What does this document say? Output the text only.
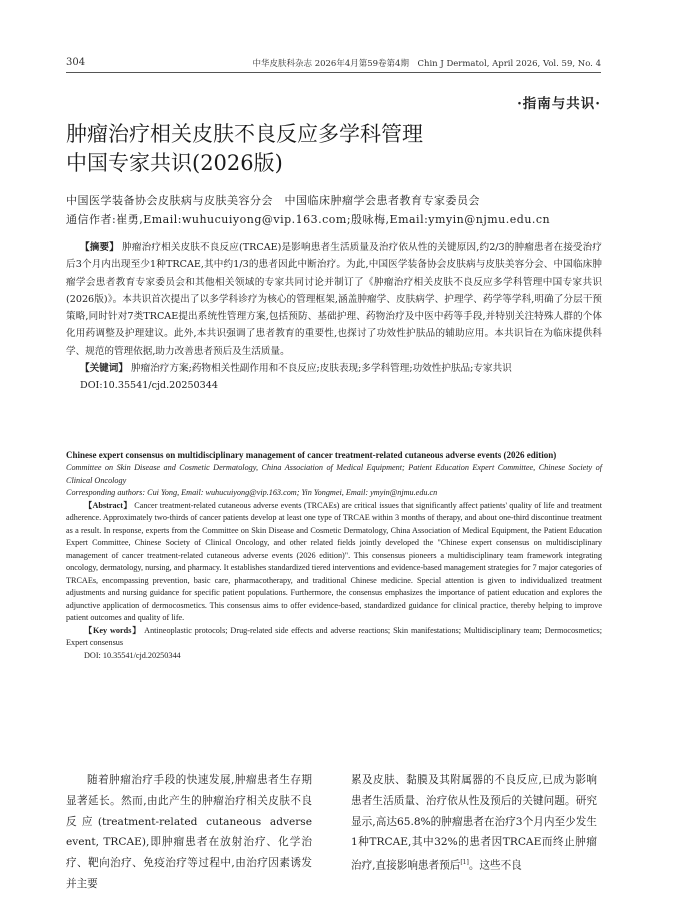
304	中华皮肤科杂志 2026年4月第59卷第4期　Chin J Dermatol, April 2026, Vol. 59, No. 4
·指南与共识·
肿瘤治疗相关皮肤不良反应多学科管理
中国专家共识(2026版)
中国医学装备协会皮肤病与皮肤美容分会　中国临床肿瘤学会患者教育专家委员会
通信作者:崔勇,Email:wuhucuiyong@vip.163.com;殷咏梅,Email:ymyin@njmu.edu.cn

【摘要】 肿瘤治疗相关皮肤不良反应(TRCAE)是影响患者生活质量及治疗依从性的关键原因,约2/3的肿瘤患者在接受治疗后3个月内出现至少1种TRCAE,其中约1/3的患者因此中断治疗。为此,中国医学装备协会皮肤病与皮肤美容分会、中国临床肿瘤学会患者教育专家委员会和其他相关领域的专家共同讨论并制订了《肿瘤治疗相关皮肤不良反应多学科管理中国专家共识(2026版)》。本共识首次提出了以多学科诊疗为核心的管理框架,涵盖肿瘤学、皮肤病学、护理学、药学等学科,明确了分层干预策略,同时针对7类TRCAE提出系统性管理方案,包括预防、基础护理、药物治疗及中医中药等手段,并特别关注特殊人群的个体化用药调整及护理建议。此外,本共识强调了患者教育的重要性,也探讨了功效性护肤品的辅助应用。本共识旨在为临床提供科学、规范的管理依据,助力改善患者预后及生活质量。

【关键词】 肿瘤治疗方案;药物相关性副作用和不良反应;皮肤表现;多学科管理;功效性护肤品;专家共识

DOI:10.35541/cjd.20250344

Chinese expert consensus on multidisciplinary management of cancer treatment-related cutaneous adverse events (2026 edition)

Committee on Skin Disease and Cosmetic Dermatology, China Association of Medical Equipment; Patient Education Expert Committee, Chinese Society of Clinical Oncology

Corresponding authors: Cui Yong, Email: wuhucuiyong@vip.163.com; Yin Yongmei, Email: ymyin@njmu.edu.cn

【Abstract】 Cancer treatment-related cutaneous adverse events (TRCAEs) are critical issues that significantly affect patients' quality of life and treatment adherence. Approximately two-thirds of cancer patients develop at least one type of TRCAE within 3 months of therapy, and about one-third discontinue treatment as a result. In response, experts from the Committee on Skin Disease and Cosmetic Dermatology, China Association of Medical Equipment, the Patient Education Expert Committee, Chinese Society of Clinical Oncology, and other related fields jointly developed the "Chinese expert consensus on multidisciplinary management of cancer treatment-related cutaneous adverse events (2026 edition)". This consensus pioneers a multidisciplinary team framework integrating oncology, dermatology, nursing, and pharmacy. It establishes standardized tiered interventions and evidence-based management strategies for 7 major categories of TRCAEs, encompassing prevention, basic care, pharmacotherapy, and traditional Chinese medicine. Special attention is given to individualized treatment adjustments and nursing guidance for specific patient populations. Furthermore, the consensus emphasizes the importance of patient education and explores the adjunctive application of dermocosmetics. This consensus aims to offer evidence-based, standardized guidance for clinical practice, thereby helping to improve patient outcomes and quality of life.

【Key words】 Antineoplastic protocols; Drug-related side effects and adverse reactions; Skin manifestations; Multidisciplinary team; Dermocosmetics; Expert consensus

DOI: 10.35541/cjd.20250344

随着肿瘤治疗手段的快速发展,肿瘤患者生存期显著延长。然而,由此产生的肿瘤治疗相关皮肤不良反应(treatment-related cutaneous adverse event, TRCAE),即肿瘤患者在放射治疗、化学治疗、靶向治疗、免疫治疗等过程中,由治疗因素诱发并主要

累及皮肤、黏膜及其附属器的不良反应,已成为影响患者生活质量、治疗依从性及预后的关键问题。研究显示,高达65.8%的肿瘤患者在治疗3个月内至少发生1种TRCAE,其中32%的患者因TRCAE而终止肿瘤治疗,直接影响患者预后[1]。这些不良
